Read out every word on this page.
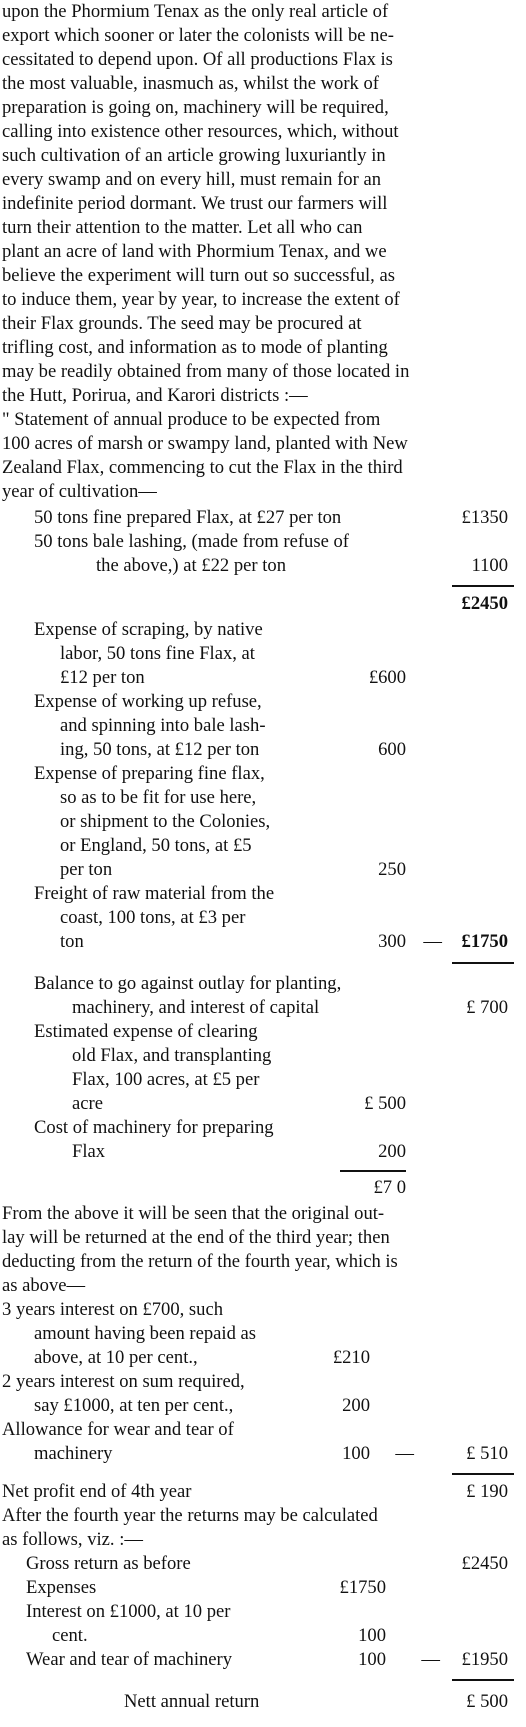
upon the Phormium Tenax as the only real article of
export which sooner or later the colonists will be ne-
cessitated to depend upon. Of all productions Flax is
the most valuable, inasmuch as, whilst the work of
preparation is going on, machinery will be required,
calling into existence other resources, which, without
such cultivation of an article growing luxuriantly in
every swamp and on every hill, must remain for an
indefinite period dormant. We trust our farmers will
turn their attention to the matter. Let all who can
plant an acre of land with Phormium Tenax, and we
believe the experiment will turn out so successful, as
to induce them, year by year, to increase the extent of
their Flax grounds. The seed may be procured at
trifling cost, and information as to mode of planting
may be readily obtained from many of those located in
the Hutt, Porirua, and Karori districts :—
" Statement of annual produce to be expected from
100 acres of marsh or swampy land, planted with New
Zealand Flax, commencing to cut the Flax in the third
year of cultivation—
50 tons fine prepared Flax, at £27 per ton	£1350
50 tons bale lashing, (made from refuse of
the above,) at £22 per ton	1100
£2450
Expense of scraping, by native
labor, 50 tons fine Flax, at
£12 per ton	£600
Expense of working up refuse,
and spinning into bale lash-
ing, 50 tons, at £12 per ton	600
Expense of preparing fine flax,
so as to be fit for use here,
or shipment to the Colonies,
or England, 50 tons, at £5
per ton	250
Freight of raw material from the
coast, 100 tons, at £3 per
ton	300 — £1750
Balance to go against outlay for planting,
machinery, and interest of capital	£ 700
Estimated expense of clearing
old Flax, and transplanting
Flax, 100 acres, at £5 per
acre	£ 500
Cost of machinery for preparing
Flax	200
£7 0
From the above it will be seen that the original out-
lay will be returned at the end of the third year; then
deducting from the return of the fourth year, which is
as above—
3 years interest on £700, such
amount having been repaid as
above, at 10 per cent.,	£210
2 years interest on sum required,
say £1000, at ten per cent.,	200
Allowance for wear and tear of
machinery	100 —	£ 510
Net profit end of 4th year	£ 190
After the fourth year the returns may be calculated
as follows, viz. :—
Gross return as before	£2450
Expenses	£1750
Interest on £1000, at 10 per
cent.	100
Wear and tear of machinery	100 — £1950
Nett annual return	£ 500
